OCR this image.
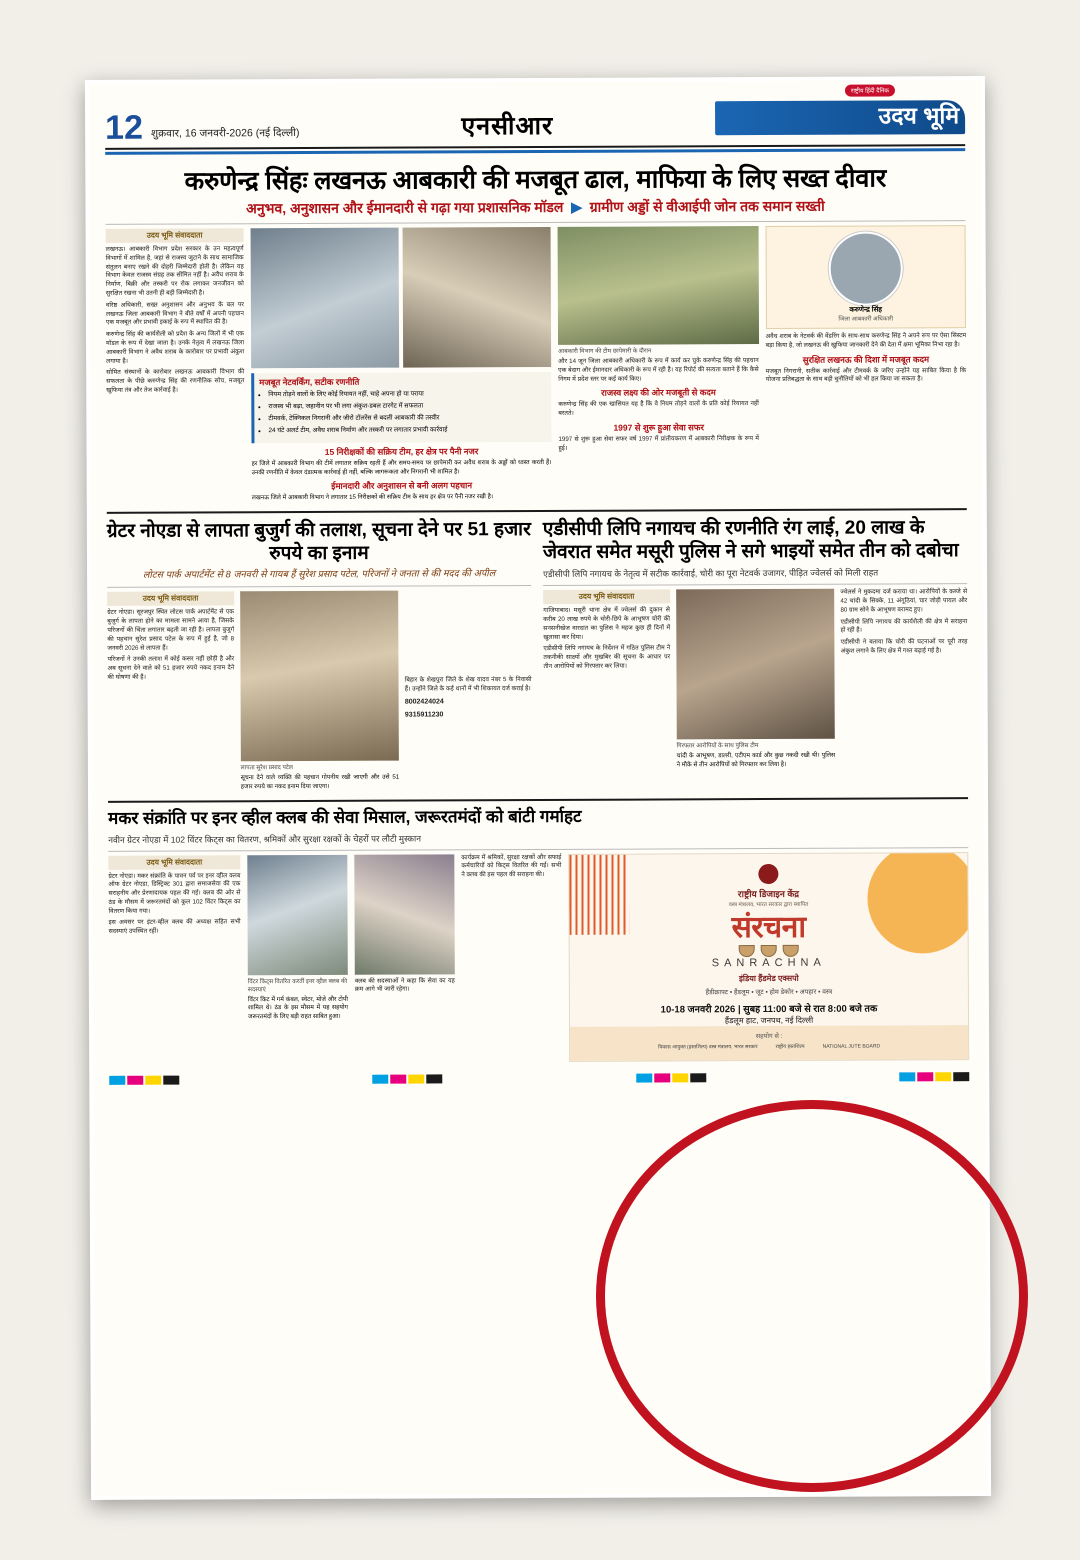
12 शुक्रवार, 16 जनवरी-2026 (नई दिल्ली)	एनसीआर
राष्ट्रीय हिंदी दैनिक
उदय भूमि
करुणेन्द्र सिंहः लखनऊ आबकारी की मजबूत ढाल, माफिया के लिए सख्त दीवार
अनुभव, अनुशासन और ईमानदारी से गढ़ा गया प्रशासनिक मॉडल  ▶  ग्रामीण अड्डों से वीआईपी जोन तक समान सख्ती
उदय भूमि संवाददाता

लखनऊ। आबकारी विभाग प्रदेश सरकार के उन महत्वपूर्ण विभागों में शामिल है, जहां से राजस्व जुटाने के साथ सामाजिक संतुलन बनाए रखने की दोहरी जिम्मेदारी होती है। लेकिन यह विभाग केवल राजस्व संग्रह तक सीमित नहीं है। अवैध शराब के निर्माण, बिक्री और तस्करी पर रोक लगाकर जनजीवन को सुरक्षित रखना भी उतनी ही बड़ी जिम्मेदारी है।

वरिष्ठ अधिकारी, सख्त अनुशासन और अनुभव के बल पर लखनऊ जिला आबकारी विभाग ने बीते वर्षों में अपनी पहचान एक मजबूत और प्रभावी इकाई के रूप में स्थापित की है।

करुणेन्द्र सिंह की कार्यशैली को प्रदेश के अन्य जिलों में भी एक मॉडल के रूप में देखा जाता है। उनके नेतृत्व में लखनऊ जिला आबकारी विभाग ने अवैध शराब के कारोबार पर प्रभावी अंकुश लगाया है।

सोमित संस्थानों के कारोबार लखनऊ आबकारी विभाग की सफलता के पीछे करुणेन्द्र सिंह की रणनीतिक सोच, मजबूत खुफिया तंत्र और तेज कार्रवाई है।

मजबूत नेटवर्किंग, सटीक रणनीति
• नियम तोड़ने वालों के लिए कोई रियायत नहीं, चाहे अपना हो या पराया
• राजस्व भी बढ़ा, जहानीन पर भी लगा अंकुश-डबल टारगेट में सफलता
• टीमवर्क, टेक्निकल निगरानी और जीरो टॉलरेंस से बदली आबकारी की तस्वीर
• 24 घंटे अलर्ट टीम, अवैध शराब निर्माण और तस्करी पर लगातार प्रभावी कार्रवाई
15 निरीक्षकों की सक्रिय टीम, हर क्षेत्र पर पैनी नजर

हर जिले में आबकारी विभाग की टीमें लगातार सक्रिय रहती हैं और समय-समय पर छापेमारी कर अवैध शराब के अड्डों को ध्वस्त करती हैं। उनकी रणनीति में केवल दंडात्मक कार्रवाई ही नहीं, बल्कि जागरूकता और निगरानी भी शामिल है।

ईमानदारी और अनुशासन से बनी अलग पहचान

लखनऊ जिले में आबकारी विभाग ने लगातार 15 निरीक्षकों की सक्रिय टीम के साथ हर क्षेत्र पर पैनी नजर रखी है।

आबकारी विभाग की टीम छापेमारी के दौरान

और 14 जून जिला आबकारी अधिकारी के रूप में कार्य कर चुके करुणेन्द्र सिंह की पहचान एक बेदाग और ईमानदार अधिकारी के रूप में रही है। यह रिपोर्ट की सत्यता बताने हैं कि कैसे निगम में प्रदेश स्तर पर कई कार्य किए।

राजस्व लक्ष्य की ओर मजबूती से कदम

करुणेन्द्र सिंह की एक खासियत यह है कि वे नियम तोड़ने वालों के प्रति कोई रियायत नहीं बरतते।

1997 से शुरू हुआ सेवा सफर

1997 से शुरू हुआ सेवा सफर वर्ष 1997 में प्रांतीयकरण में आबकारी निरीक्षक के रूप में हुई।

करुणेन्द्र सिंह
जिला आबकारी अधिकारी

अवैध शराब के नेटवर्क की वेंडरिंग के साथ-साथ करुणेन्द्र सिंह ने अपने रूप पर ऐसा सिस्टम बड़ा किया है, जो लखनऊ की खुफिया जानकारी देने की देता में क्षमा भूमिका निभा रहा है।

सुरक्षित लखनऊ की दिशा में मजबूत कदम

मजबूत निगरानी, सतीक कार्रवाई और टीमवर्क के जरिए उन्होंने यह साबित किया है कि योजना प्रतिबद्धता के साथ बड़ी चुनौतियों को भी हल किया जा सकता है।

ग्रेटर नोएडा से लापता बुजुर्ग की तलाश, सूचना देने पर 51 हजार रुपये का इनाम
लोटस पार्क अपार्टमेंट से 8 जनवरी से गायब हैं सुरेश प्रसाद पटेल, परिजनों ने जनता से की मदद की अपील
उदय भूमि संवाददाता

ग्रेटर नोएडा। सूरजपुर स्थित लोटस पार्क अपार्टमेंट से एक बुजुर्ग के लापता होने का मामला सामने आया है, जिसके परिजनों की चिंता लगातार बढ़ती जा रही है। लापता बुजुर्ग की पहचान सुरेश प्रसाद पटेल के रूप में हुई है, जो 8 जनवरी 2026 से लापता हैं।

परिजनों ने उनकी तलाश में कोई कसर नहीं छोड़ी है और अब सूचना देने वाले को 51 हजार रुपये नकद इनाम देने की घोषणा की है।

लापता सुरेश प्रसाद पटेल

सूचना देने वाले व्यक्ति की पहचान गोपनीय रखी जाएगी और उसे 51 हजार रुपये का नकद इनाम दिया जाएगा।

बिहार के शेखपुरा जिले के शेख यादव नंबर 5 के निवासी हैं। उन्होंने जिले के कई थानों में भी शिकायत दर्ज कराई है।

8002424024

9315911230

एडीसीपी लिपि नगायच की रणनीति रंग लाई, 20 लाख के जेवरात समेत मसूरी पुलिस ने सगे भाइयों समेत तीन को दबोचा
एडीसीपी लिपि नगायच के नेतृत्व में सटीक कार्रवाई, चोरी का पूरा नेटवर्क उजागर, पीड़ित ज्वेलर्स को मिली राहत
उदय भूमि संवाददाता

गाजियाबाद। मसूरी थाना क्षेत्र में ज्वेलर्स की दुकान से करीब 20 लाख रुपये के चोरी-छिपे के आभूषण चोरी की सनसनीखेज वारदात का पुलिस ने महज कुछ ही दिनों में खुलासा कर दिया।

एडीसीपी लिपि नगायच के निर्देशन में गठित पुलिस टीम ने तकनीकी साक्ष्यों और मुखबिर की सूचना के आधार पर तीन आरोपियों को गिरफ्तार कर लिया।

गिरफ्तार आरोपियों के साथ पुलिस टीम

चांदी के आभूषण, डालरी, एटीएम कार्ड और कुछ नकदी रखी थी। पुलिस ने मौके से तीन आरोपियों को गिरफ्तार कर लिया है।

ज्वेलर्स ने मुकदमा दर्ज कराया था। आरोपियों के कब्जे से 42 चांदी के सिक्के, 11 अंगूठियां, चार जोड़ी पायल और 80 ग्राम सोने के आभूषण बरामद हुए।

एडीसीपी लिपि नगायच की कार्यशैली की क्षेत्र में सराहना हो रही है।

एडीसीपी ने बताया कि चोरी की घटनाओं पर पूरी तरह अंकुश लगाने के लिए क्षेत्र में गश्त बढ़ाई गई है।

मकर संक्रांति पर इनर व्हील क्लब की सेवा मिसाल, जरूरतमंदों को बांटी गर्माहट
नवीन ग्रेटर नोएडा में 102 विंटर किट्स का वितरण, श्रमिकों और सुरक्षा रक्षकों के चेहरों पर लौटी मुस्कान
उदय भूमि संवाददाता

ग्रेटर नोएडा। मकर संक्रांति के पावन पर्व पर इनर व्हील क्लब ऑफ ग्रेटर नोएडा, डिस्ट्रिक्ट 301 द्वारा समाजसेवा की एक सराहनीय और प्रेरणादायक पहल की गई। क्लब की ओर से ठंड के मौसम में जरूरतमंदों को कुल 102 विंटर किट्स का वितरण किया गया।

इस अवसर पर इंटर-व्हील क्लब की अध्यक्ष सहित सभी सदस्याएं उपस्थित रहीं।

विंटर किट्स वितरित करतीं इनर व्हील क्लब की सदस्याएं

विंटर किट में गर्म कंबल, स्वेटर, मोजे और टोपी शामिल थे। ठंड के इस मौसम में यह सहयोग जरूरतमंदों के लिए बड़ी राहत साबित हुआ।

क्लब की सदस्याओं ने कहा कि सेवा का यह क्रम आगे भी जारी रहेगा।

कार्यक्रम में श्रमिकों, सुरक्षा रक्षकों और सफाई कर्मचारियों को किट्स वितरित की गईं। सभी ने क्लब की इस पहल की सराहना की।

राष्ट्रीय डिजाइन केंद्र
वस्त्र मंत्रालय, भारत सरकार द्वारा स्थापित
संरचना
SANRACHNA
इंडिया हैंडमेड एक्सपो
हैंडीक्राफ्ट • हैंडलूम • जूट • होम डेकोर • अपहार • वस्त्र
10-18 जनवरी 2026 | सुबह 11:00 बजे से रात 8:00 बजे तक
हैंडलूम हाट, जनपथ, नई दिल्ली
सहयोग से :
विकास आयुक्त (हस्तशिल्प) वस्त्र मंत्रालय, भारत सरकार	राष्ट्रीय हस्तशिल्प	NATIONAL JUTE BOARD
